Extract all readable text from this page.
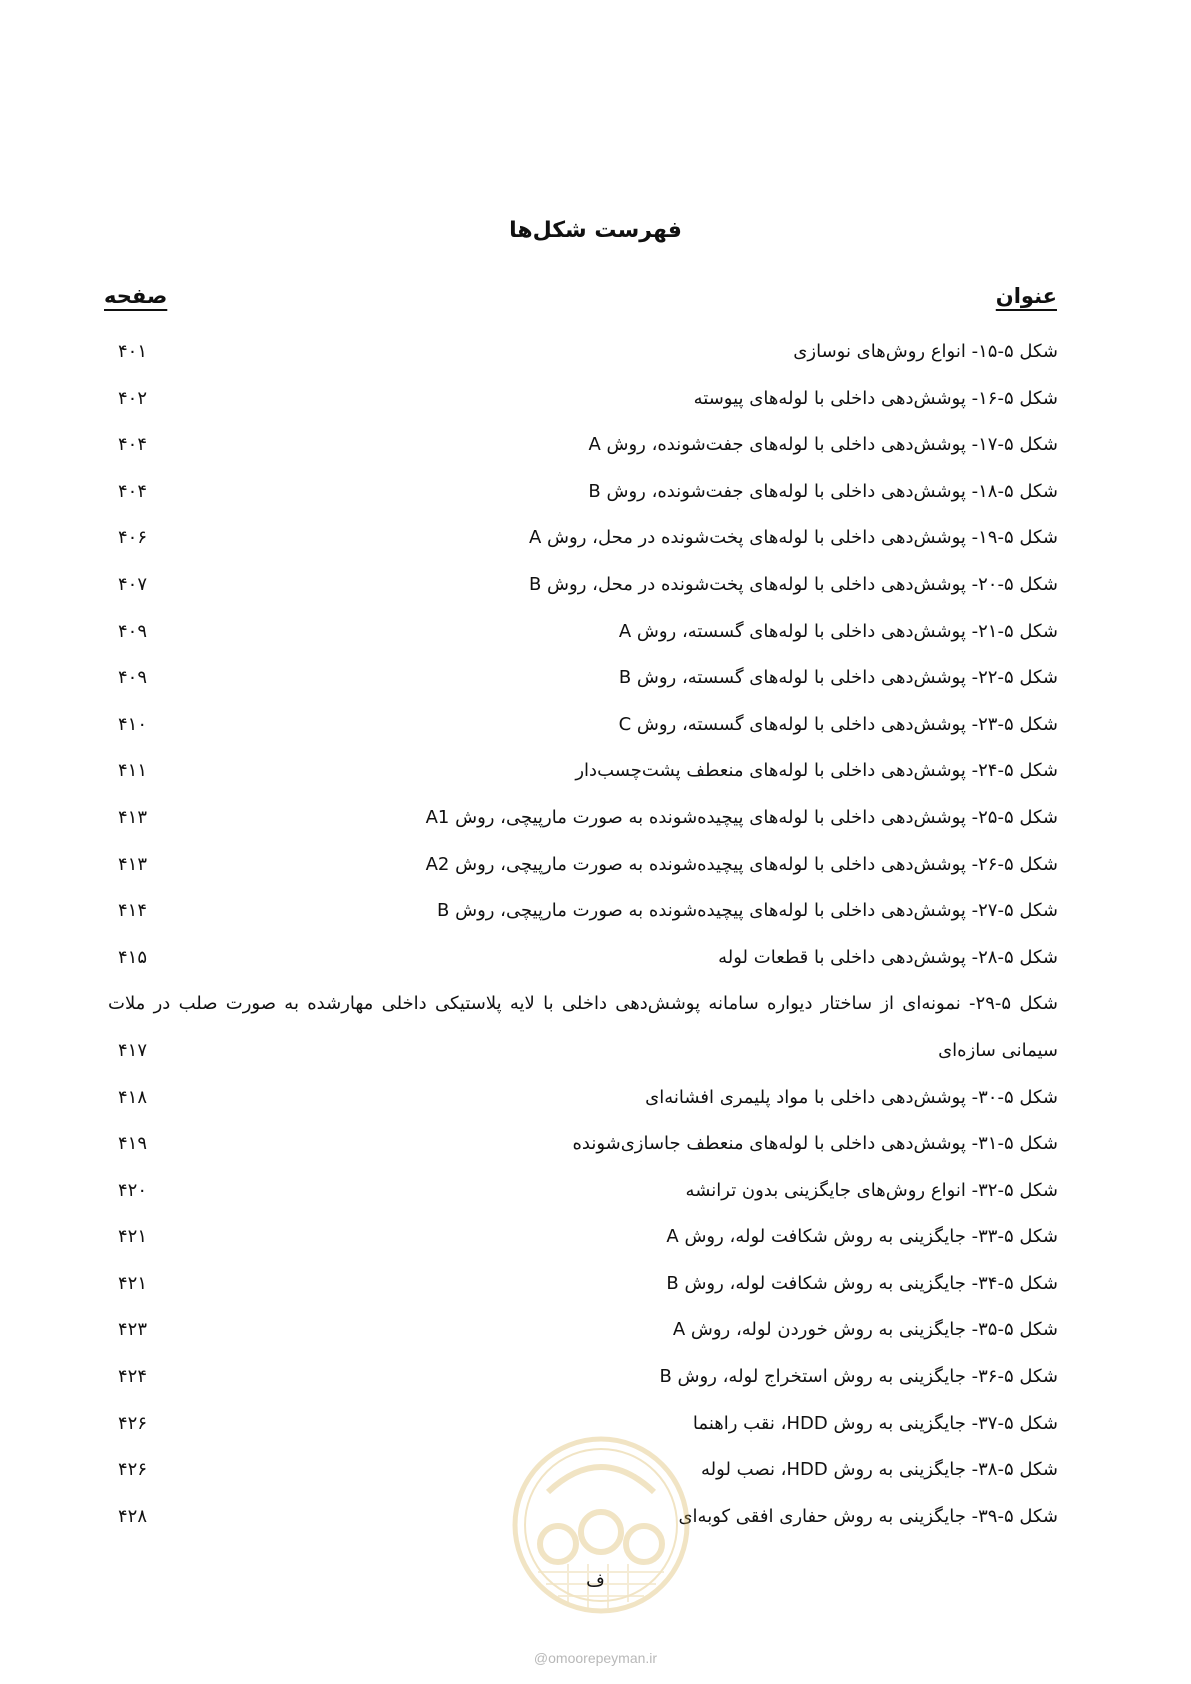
فهرست شکل‌ها
عنوان
صفحه
شکل ۵-۱۵- انواع روش‌های نوسازی
۴۰۱
شکل ۵-۱۶- پوشش‌دهی داخلی با لوله‌های پیوسته
۴۰۲
شکل ۵-۱۷- پوشش‌دهی داخلی با لوله‌های جفت‌شونده، روش A
۴۰۴
شکل ۵-۱۸- پوشش‌دهی داخلی با لوله‌های جفت‌شونده، روش B
۴۰۴
شکل ۵-۱۹- پوشش‌دهی داخلی با لوله‌های پخت‌شونده در محل، روش A
۴۰۶
شکل ۵-۲۰- پوشش‌دهی داخلی با لوله‌های پخت‌شونده در محل، روش B
۴۰۷
شکل ۵-۲۱- پوشش‌دهی داخلی با لوله‌های گسسته، روش A
۴۰۹
شکل ۵-۲۲- پوشش‌دهی داخلی با لوله‌های گسسته، روش B
۴۰۹
شکل ۵-۲۳- پوشش‌دهی داخلی با لوله‌های گسسته، روش C
۴۱۰
شکل ۵-۲۴- پوشش‌دهی داخلی با لوله‌های منعطف پشت‌چسب‌دار
۴۱۱
شکل ۵-۲۵- پوشش‌دهی داخلی با لوله‌های پیچیده‌شونده به صورت مارپیچی، روش A1
۴۱۳
شکل ۵-۲۶- پوشش‌دهی داخلی با لوله‌های پیچیده‌شونده به صورت مارپیچی، روش A2
۴۱۳
شکل ۵-۲۷- پوشش‌دهی داخلی با لوله‌های پیچیده‌شونده به صورت مارپیچی، روش B
۴۱۴
شکل ۵-۲۸- پوشش‌دهی داخلی با قطعات لوله
۴۱۵
شکل ۵-۲۹- نمونه‌ای از ساختار دیواره سامانه پوشش‌دهی داخلی با لایه پلاستیکی داخلی مهارشده به صورت صلب در ملات سیمانی سازه‌ای
۴۱۷
شکل ۵-۳۰- پوشش‌دهی داخلی با مواد پلیمری افشانه‌ای
۴۱۸
شکل ۵-۳۱- پوشش‌دهی داخلی با لوله‌های منعطف جاسازی‌شونده
۴۱۹
شکل ۵-۳۲- انواع روش‌های جایگزینی بدون ترانشه
۴۲۰
شکل ۵-۳۳- جایگزینی به روش شکافت لوله، روش A
۴۲۱
شکل ۵-۳۴- جایگزینی به روش شکافت لوله، روش B
۴۲۱
شکل ۵-۳۵- جایگزینی به روش خوردن لوله، روش A
۴۲۳
شکل ۵-۳۶- جایگزینی به روش استخراج لوله، روش B
۴۲۴
شکل ۵-۳۷- جایگزینی به روش HDD، نقب راهنما
۴۲۶
شکل ۵-۳۸- جایگزینی به روش HDD، نصب لوله
۴۲۶
شکل ۵-۳۹- جایگزینی به روش حفاری افقی کوبه‌ای
۴۲۸
ف
@omoorepeyman.ir
